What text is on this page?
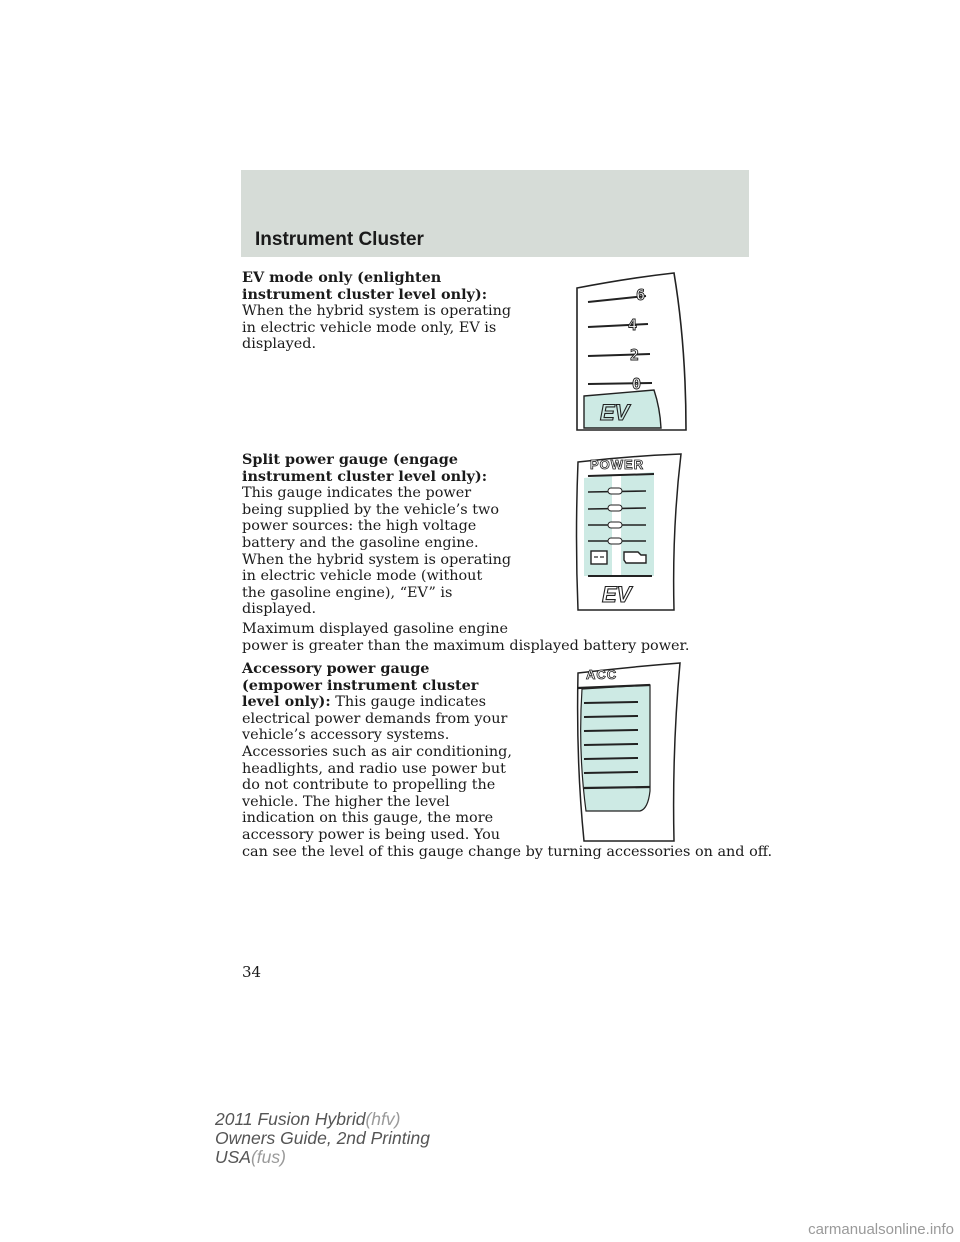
Instrument Cluster
EV mode only (enlighten
instrument cluster level only):
When the hybrid system is operating
in electric vehicle mode only, EV is
displayed.
6
4
2
0
EV
Split power gauge (engage
instrument cluster level only):
This gauge indicates the power
being supplied by the vehicle’s two
power sources: the high voltage
battery and the gasoline engine.
When the hybrid system is operating
in electric vehicle mode (without
the gasoline engine), “EV” is
displayed.
POWER
EV
Maximum displayed gasoline engine
power is greater than the maximum displayed battery power.
Accessory power gauge
(empower instrument cluster
level only): This gauge indicates
electrical power demands from your
vehicle’s accessory systems.
Accessories such as air conditioning,
headlights, and radio use power but
do not contribute to propelling the
vehicle. The higher the level
indication on this gauge, the more
accessory power is being used. You
can see the level of this gauge change by turning accessories on and off.
ACC
34
2011 Fusion Hybrid(hfv)
Owners Guide, 2nd Printing
USA(fus)
carmanualsonline.info
